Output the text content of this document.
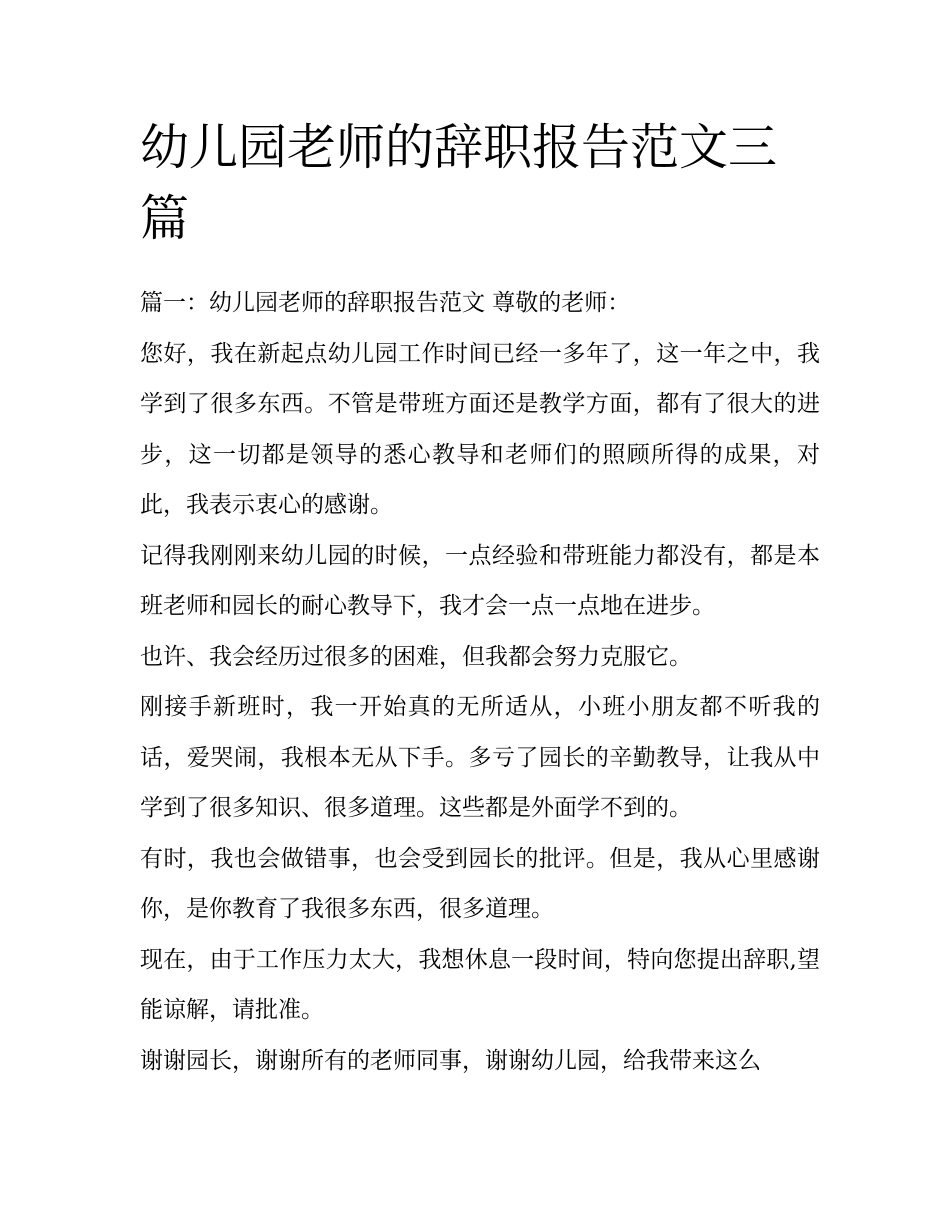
幼儿园老师的辞职报告范文三篇

篇一：幼儿园老师的辞职报告范文 尊敬的老师：

您好，我在新起点幼儿园工作时间已经一多年了，这一年之中，我学到了很多东西。不管是带班方面还是教学方面，都有了很大的进步，这一切都是领导的悉心教导和老师们的照顾所得的成果，对此，我表示衷心的感谢。

记得我刚刚来幼儿园的时候，一点经验和带班能力都没有，都是本班老师和园长的耐心教导下，我才会一点一点地在进步。

也许、我会经历过很多的困难，但我都会努力克服它。

刚接手新班时，我一开始真的无所适从，小班小朋友都不听我的话，爱哭闹，我根本无从下手。多亏了园长的辛勤教导，让我从中学到了很多知识、很多道理。这些都是外面学不到的。

有时，我也会做错事，也会受到园长的批评。但是，我从心里感谢你，是你教育了我很多东西，很多道理。

现在，由于工作压力太大，我想休息一段时间，特向您提出辞职,望能谅解，请批准。

谢谢园长，谢谢所有的老师同事，谢谢幼儿园，给我带来这么
